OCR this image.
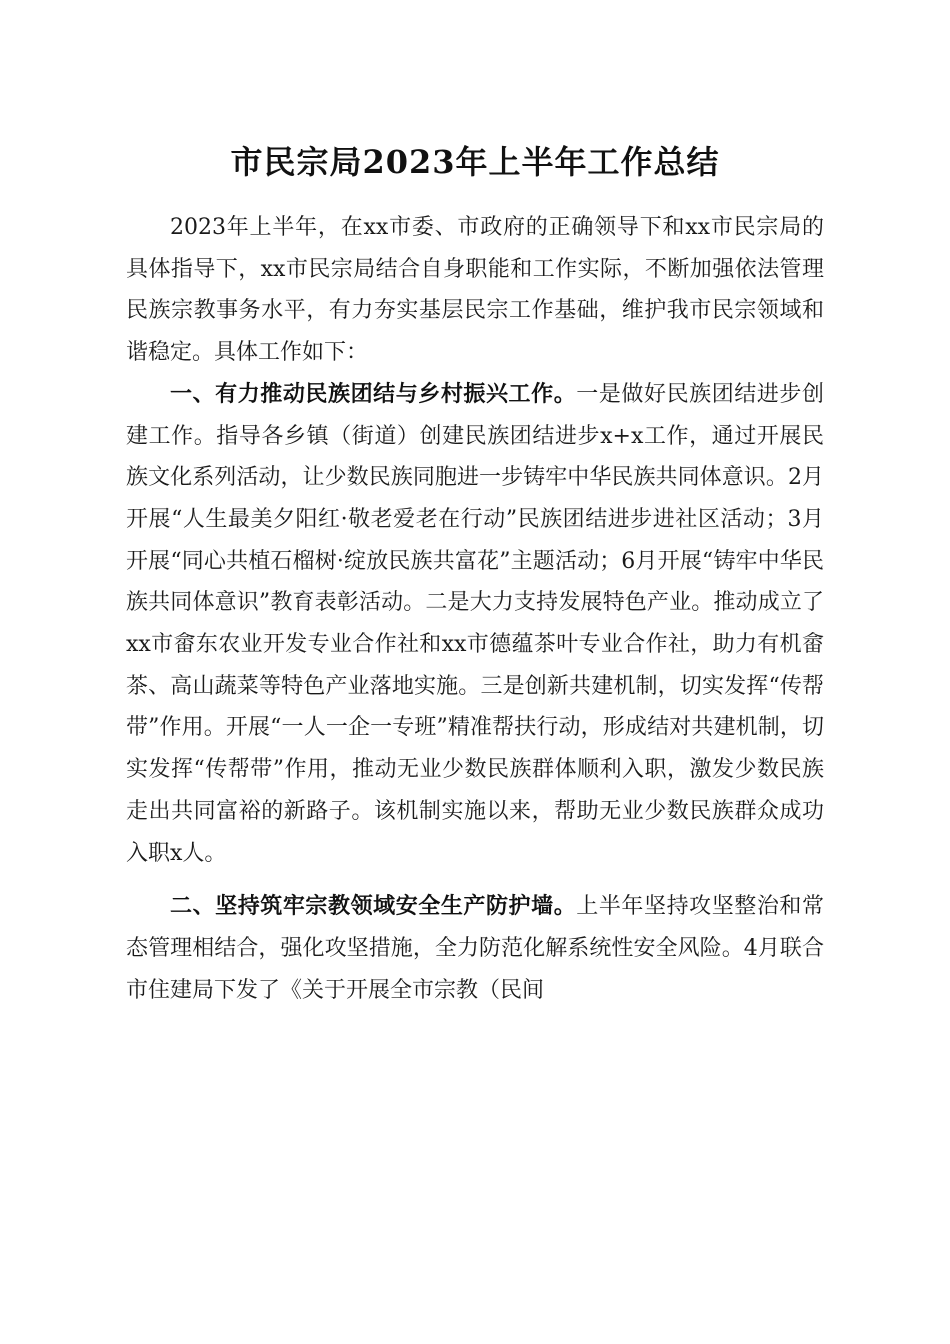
市民宗局2023年上半年工作总结

2023年上半年，在xx市委、市政府的正确领导下和xx市民宗局的具体指导下，xx市民宗局结合自身职能和工作实际，不断加强依法管理民族宗教事务水平，有力夯实基层民宗工作基础，维护我市民宗领域和谐稳定。具体工作如下：

一、有力推动民族团结与乡村振兴工作。一是做好民族团结进步创建工作。指导各乡镇（街道）创建民族团结进步x+x工作，通过开展民族文化系列活动，让少数民族同胞进一步铸牢中华民族共同体意识。2月开展“人生最美夕阳红·敬老爱老在行动”民族团结进步进社区活动；3月开展“同心共植石榴树·绽放民族共富花”主题活动；6月开展“铸牢中华民族共同体意识”教育表彰活动。二是大力支持发展特色产业。推动成立了xx市畲东农业开发专业合作社和xx市德蕴茶叶专业合作社，助力有机畲茶、高山蔬菜等特色产业落地实施。三是创新共建机制，切实发挥“传帮带”作用。开展“一人一企一专班”精准帮扶行动，形成结对共建机制，切实发挥“传帮带”作用，推动无业少数民族群体顺利入职，激发少数民族走出共同富裕的新路子。该机制实施以来，帮助无业少数民族群众成功入职x人。

二、坚持筑牢宗教领域安全生产防护墙。上半年坚持攻坚整治和常态管理相结合，强化攻坚措施，全力防范化解系统性安全风险。4月联合市住建局下发了《关于开展全市宗教（民间
